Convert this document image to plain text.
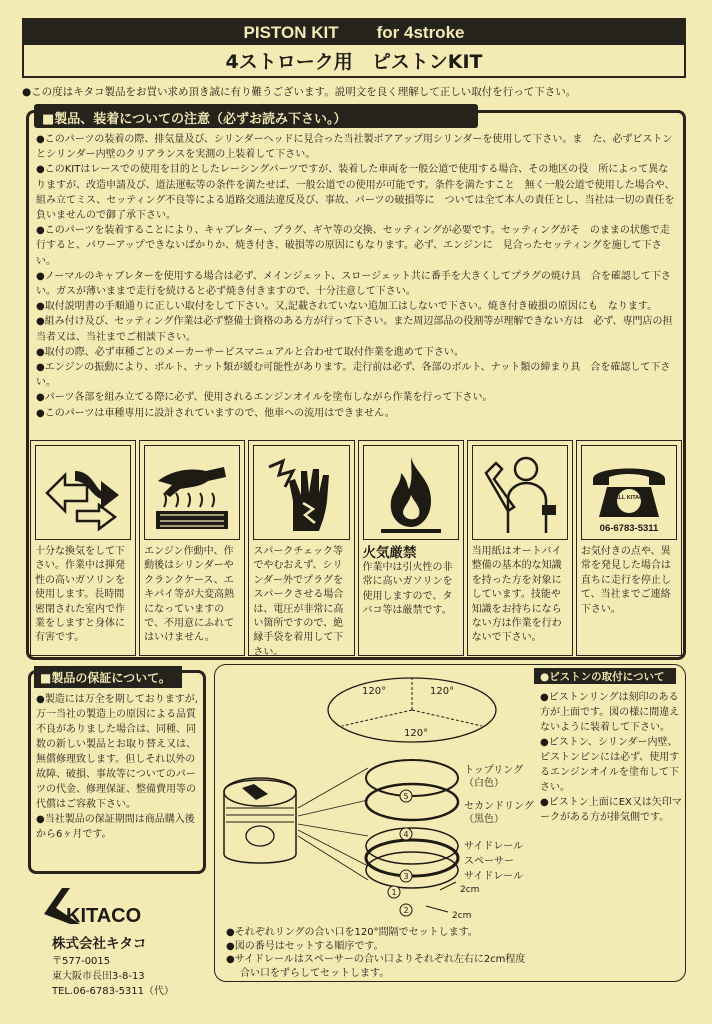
PISTON KIT for 4stroke
4ストローク用　ピストンKIT
●この度はキタコ製品をお買い求め頂き誠に有り難うございます。説明文を良く理解して正しい取付を行って下さい。
■製品、装着についての注意（必ずお読み下さい。）
●このパーツの装着の際、排気量及び、シリンダーヘッドに見合った当社製ボアアップ用シリンダーを使用して下さい。ま　た、必ずピストンとシリンダー内壁のクリアランスを実測の上装着して下さい。
●このKITはレースでの使用を目的としたレーシングパーツですが、装着した車両を一般公道で使用する場合、その地区の役　所によって異なりますが、改造申請及び、道法運転等の条件を満たせば、一般公道での使用が可能です。条件を満たすこと　無く一般公道で使用した場合や、組み立てミス、セッティング不良等による道路交通法違反及び、事故、パーツの破損等に　ついては全て本人の責任とし、当社は一切の責任を負いませんので御了承下さい。
●このパーツを装着することにより、キャブレター、プラグ、ギヤ等の交換、セッティングが必要です。セッティングがそ　のままの状態で走行すると、パワーアップできないばかりか、焼き付き、破損等の原因にもなります。必ず、エンジンに　見合ったセッティングを施して下さい。
●ノーマルのキャブレターを使用する場合は必ず、メインジェット、スロージェット共に番手を大きくしてプラグの焼け具　合を確認して下さい。ガスが薄いままで走行を続けると必ず焼き付きますので、十分注意して下さい。
●取付説明書の手順通りに正しい取付をして下さい。又,記載されていない追加工はしないで下さい。焼き付き破損の原因にも　なります。
●組み付け及び、セッティング作業は必ず整備士資格のある方が行って下さい。また周辺部品の役割等が理解できない方は　必ず、専門店の担当者又は、当社までご相談下さい。
●取付の際、必ず車種ごとのメーカーサービスマニュアルと合わせて取付作業を進めて下さい。
●エンジンの振動により、ボルト、ナット類が緩む可能性があります。走行前は必ず、各部のボルト、ナット類の締まり具　合を確認して下さい。
●パーツ各部を組み立てる際に必ず、使用されるエンジンオイルを塗布しながら作業を行って下さい。
●このパーツは車種専用に設計されていますので、他車への流用はできません。
十分な換気をして下さい。作業中は揮発性の高いガソリンを使用します。長時間密閉された室内で作業をしますと身体に有害です。
エンジン作動中、作動後はシリンダーやクランクケース、エキパイ等が大変高熱になっていますので、不用意にふれてはいけません。
スパークチェック等でやむおえず、シリンダー外でプラグをスパークさせる場合は、電圧が非常に高い箇所ですので、絶縁手袋を着用して下さい。
火気厳禁
作業中は引火性の非常に高いガソリンを使用しますので、タバコ等は厳禁です。
当用紙はオートバイ整備の基本的な知識を持った方を対象にしています。技能や知識をお持ちにならない方は作業を行わないで下さい。
CALL KITACO
06-6783-5311
お気付きの点や、異常を発見した場合は直ちに走行を停止して、当社までご連絡下さい。
■製品の保証について。
●製造には万全を期しておりますが,万一当社の製造上の原因による品質不良がありました場合は、同種、同数の新しい製品とお取り替え又は、無償修理致します。但しそれ以外の故障、破損、事故等についてのパーツの代金、修理保証、整備費用等の代償はご容赦下さい。
●当社製品の保証期間は商品購入後から6ヶ月です。
KITACO
株式会社キタコ
〒577-0015
東大阪市長田3-8-13
TEL.06-6783-5311（代）
120°	120°
120°
5
4
3
1
2
2cm
2cm
トップリング
（白色）
セカンドリング
（黒色）
サイドレール
スペーサー
サイドレール
●ピストンの取付について
●ピストンリングは刻印のある方が上面です。図の様に間違えないように装着して下さい。
●ピストン、シリンダー内壁、ピストンピンには必ず、使用するエンジンオイルを塗布して下さい。
●ピストン上面にEX又は矢印マークがある方が排気側です。
●それぞれリングの合い口を120°間隔でセットします。
●図の番号はセットする順序です。
●サイドレールはスペーサーの合い口よりそれぞれ左右に2cm程度
合い口をずらしてセットします。
